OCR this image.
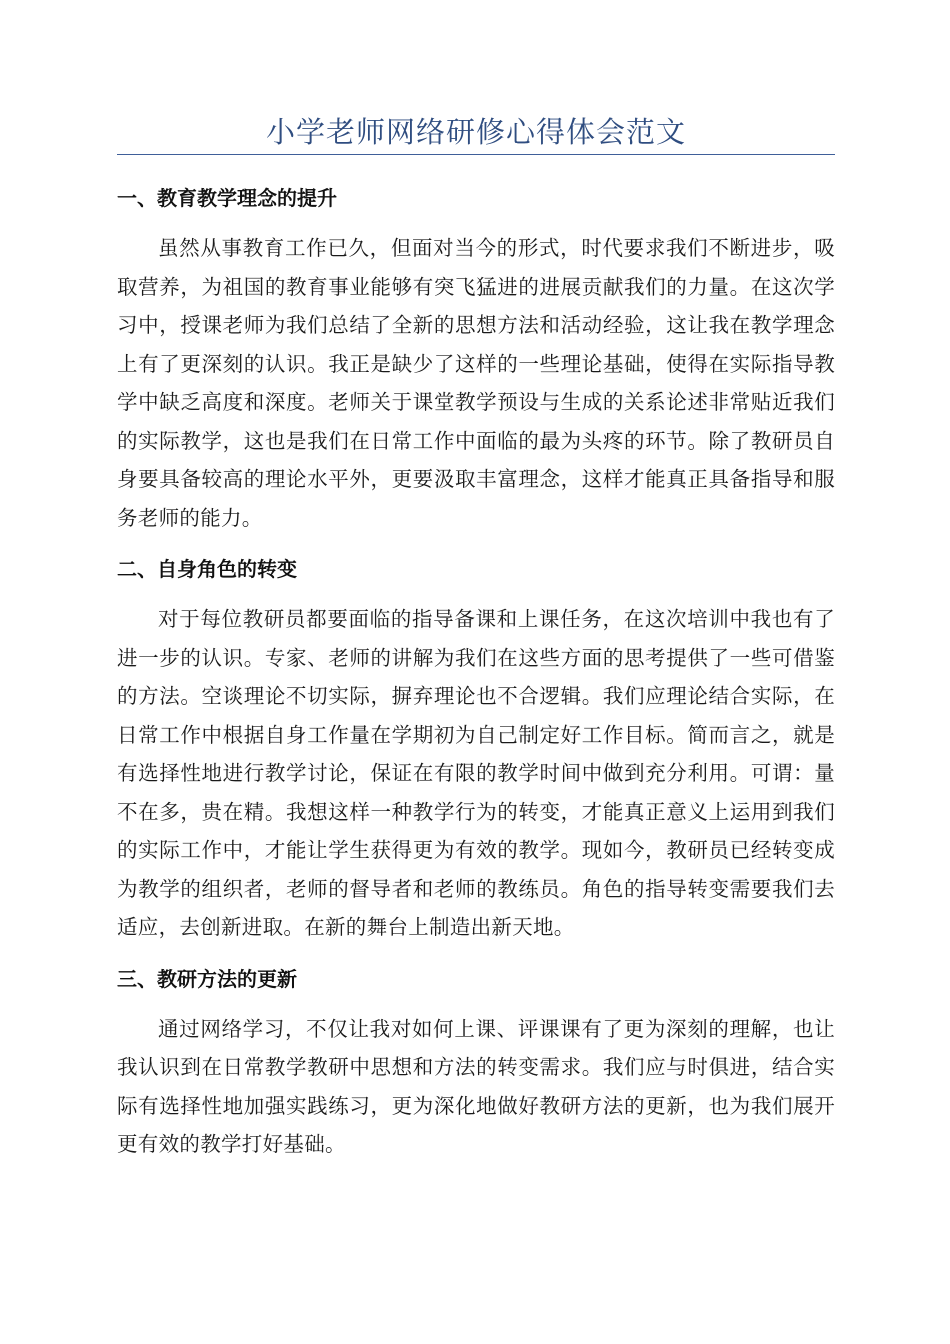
小学老师网络研修心得体会范文
一、教育教学理念的提升

虽然从事教育工作已久，但面对当今的形式，时代要求我们不断进步，吸取营养，为祖国的教育事业能够有突飞猛进的进展贡献我们的力量。在这次学习中，授课老师为我们总结了全新的思想方法和活动经验，这让我在教学理念上有了更深刻的认识。我正是缺少了这样的一些理论基础，使得在实际指导教学中缺乏高度和深度。老师关于课堂教学预设与生成的关系论述非常贴近我们的实际教学，这也是我们在日常工作中面临的最为头疼的环节。除了教研员自身要具备较高的理论水平外，更要汲取丰富理念，这样才能真正具备指导和服务老师的能力。

二、自身角色的转变

对于每位教研员都要面临的指导备课和上课任务，在这次培训中我也有了进一步的认识。专家、老师的讲解为我们在这些方面的思考提供了一些可借鉴的方法。空谈理论不切实际，摒弃理论也不合逻辑。我们应理论结合实际，在日常工作中根据自身工作量在学期初为自己制定好工作目标。简而言之，就是有选择性地进行教学讨论，保证在有限的教学时间中做到充分利用。可谓：量不在多，贵在精。我想这样一种教学行为的转变，才能真正意义上运用到我们的实际工作中，才能让学生获得更为有效的教学。现如今，教研员已经转变成为教学的组织者，老师的督导者和老师的教练员。角色的指导转变需要我们去适应，去创新进取。在新的舞台上制造出新天地。

三、教研方法的更新

通过网络学习，不仅让我对如何上课、评课课有了更为深刻的理解，也让我认识到在日常教学教研中思想和方法的转变需求。我们应与时俱进，结合实际有选择性地加强实践练习，更为深化地做好教研方法的更新，也为我们展开更有效的教学打好基础。
